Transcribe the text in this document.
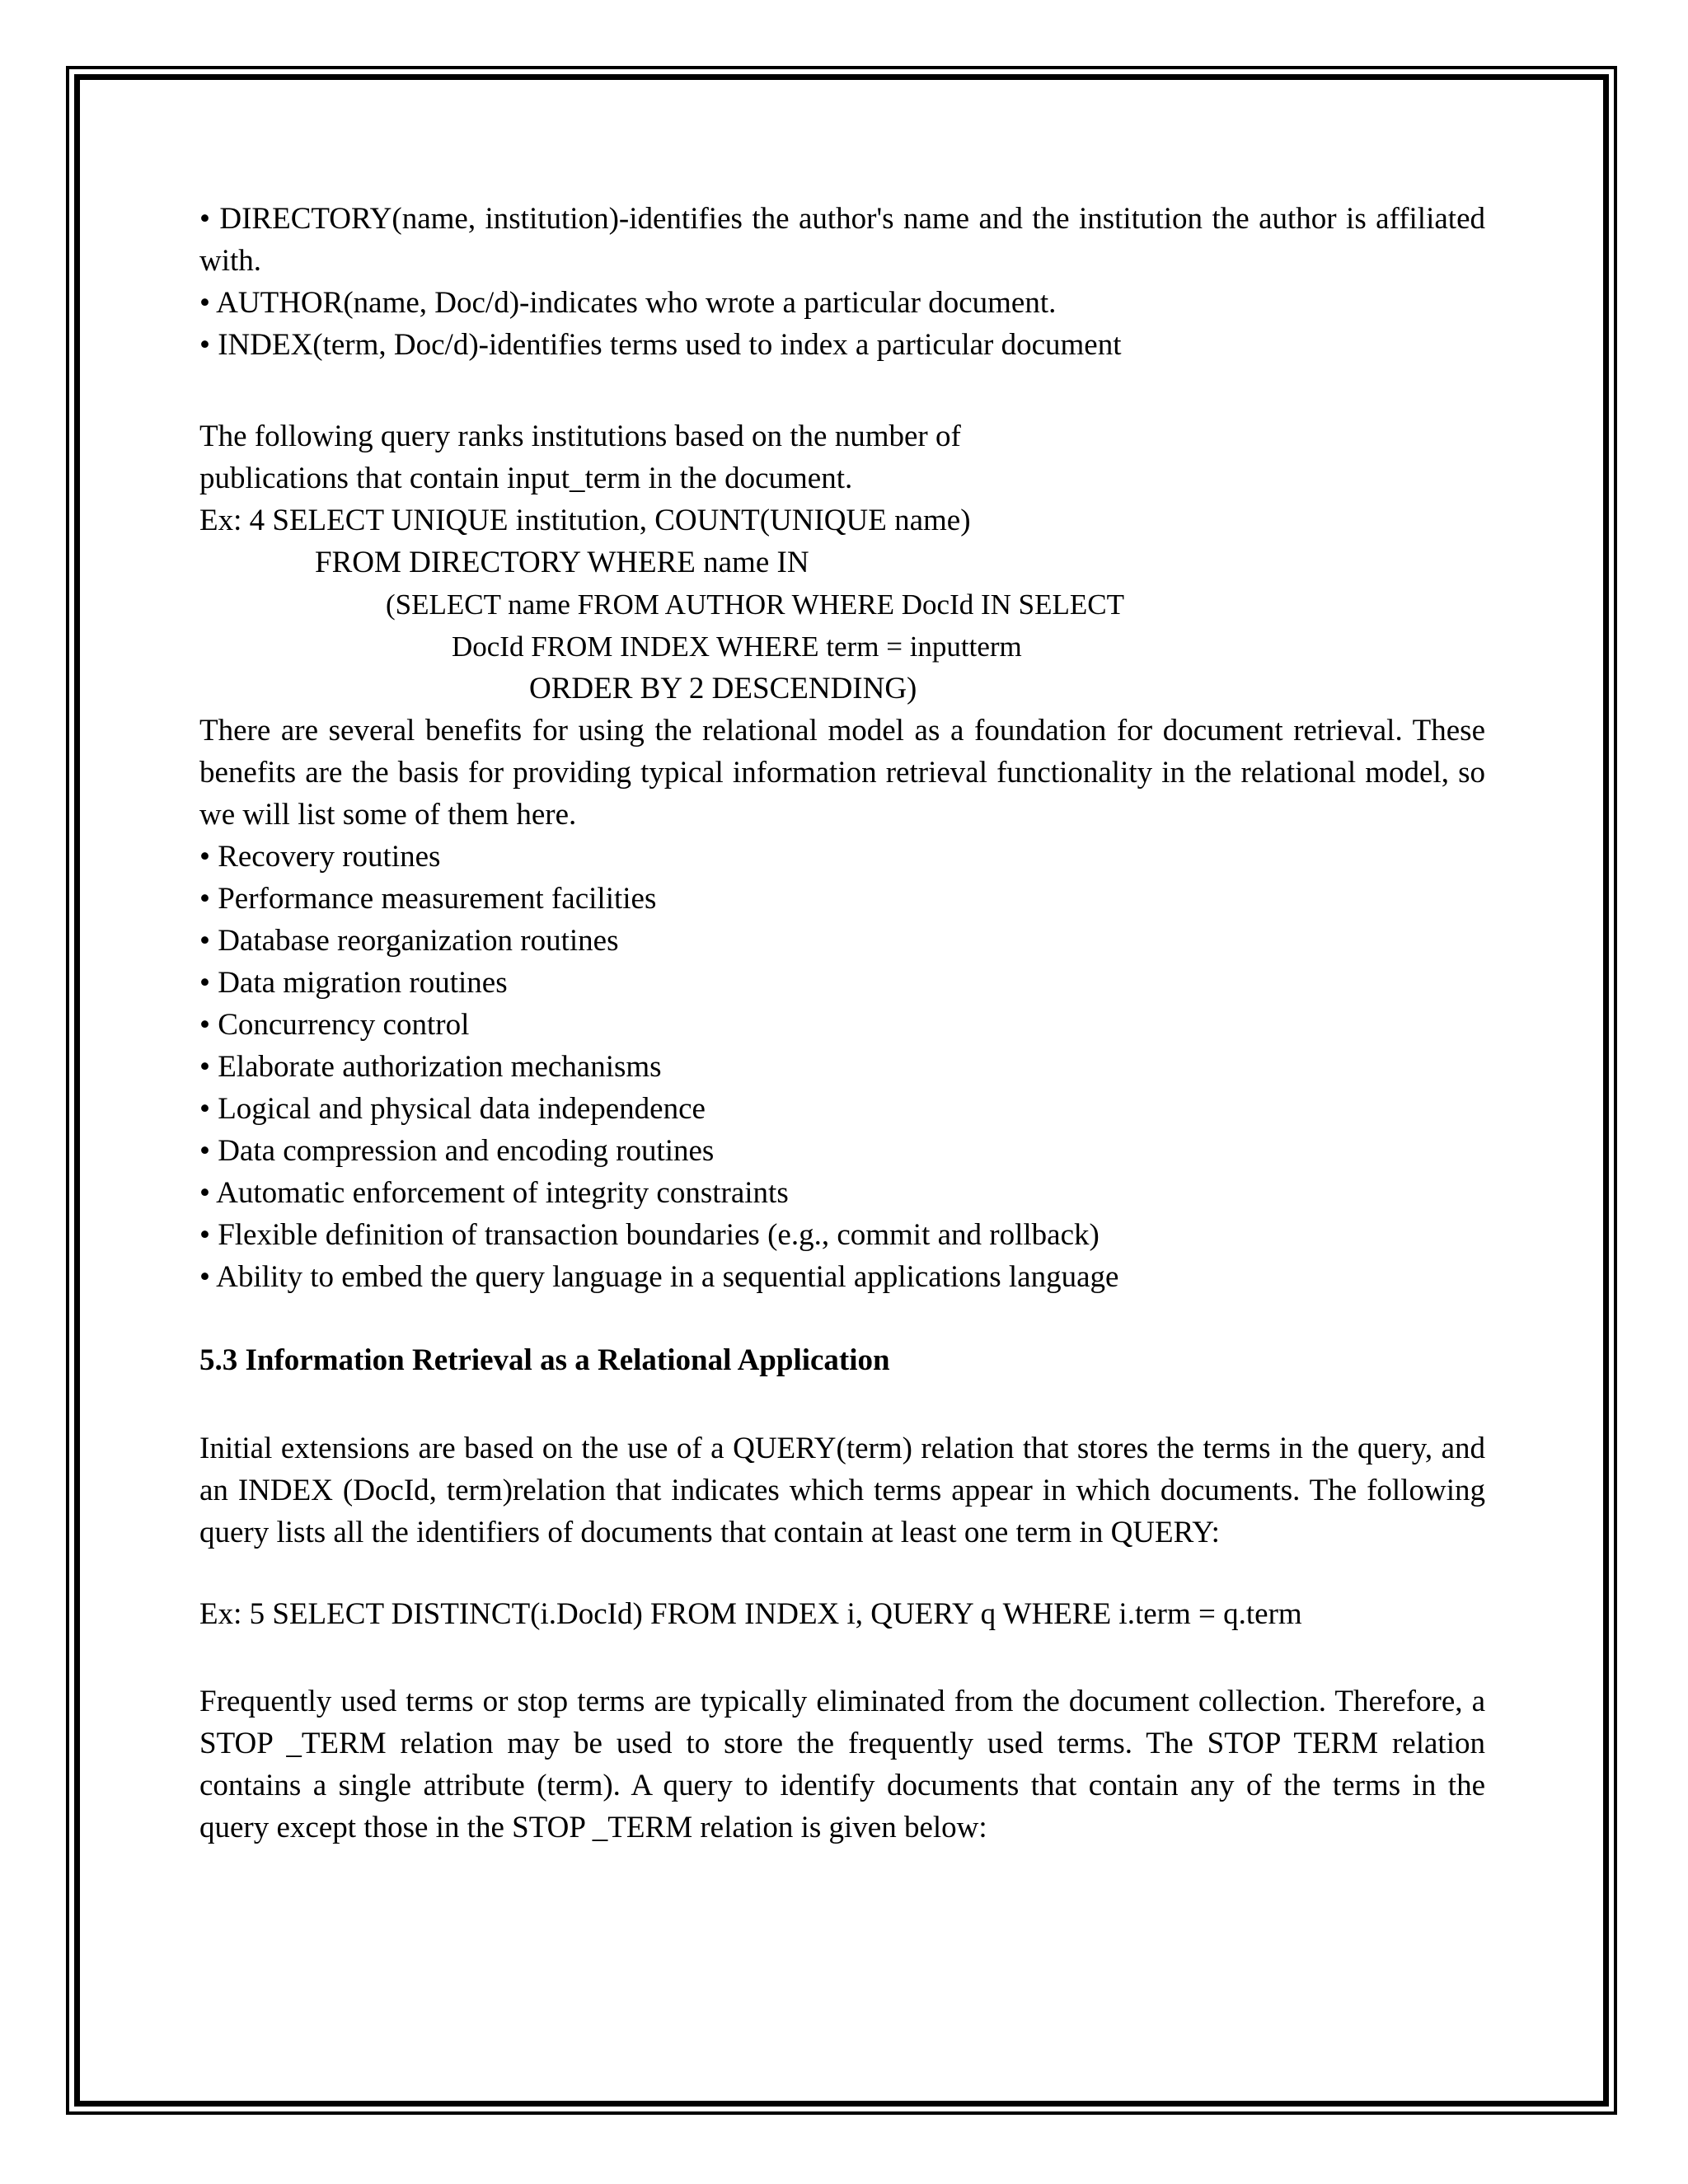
• DIRECTORY(name, institution)-identifies the author's name and the institution the author is affiliated with.
• AUTHOR(name, Doc/d)-indicates who wrote a particular document.
• INDEX(term, Doc/d)-identifies terms used to index a particular document
The following query ranks institutions based on the number of
publications that contain input_term in the document.
Ex: 4 SELECT UNIQUE institution, COUNT(UNIQUE name)
FROM DIRECTORY WHERE name IN
(SELECT name FROM AUTHOR WHERE DocId IN SELECT
DocId FROM INDEX WHERE term = inputterm
ORDER BY 2 DESCENDING)
There are several benefits for using the relational model as a foundation for document retrieval. These benefits are the basis for providing typical information retrieval functionality in the relational model, so we will list some of them here.
• Recovery routines
• Performance measurement facilities
• Database reorganization routines
• Data migration routines
• Concurrency control
• Elaborate authorization mechanisms
• Logical and physical data independence
• Data compression and encoding routines
• Automatic enforcement of integrity constraints
• Flexible definition of transaction boundaries (e.g., commit and rollback)
• Ability to embed the query language in a sequential applications language
5.3 Information Retrieval as a Relational Application
Initial extensions are based on the use of a QUERY(term) relation that stores the terms in the query, and an INDEX (DocId, term)relation that indicates which terms appear in which documents. The following query lists all the identifiers of documents that contain at least one term in QUERY:
Ex: 5 SELECT DISTINCT(i.DocId) FROM INDEX i, QUERY q WHERE i.term = q.term
Frequently used terms or stop terms are typically eliminated from the document collection. Therefore, a STOP _TERM relation may be used to store the frequently used terms. The STOP TERM relation contains a single attribute (term). A query to identify documents that contain any of the terms in the query except those in the STOP _TERM relation is given below:
